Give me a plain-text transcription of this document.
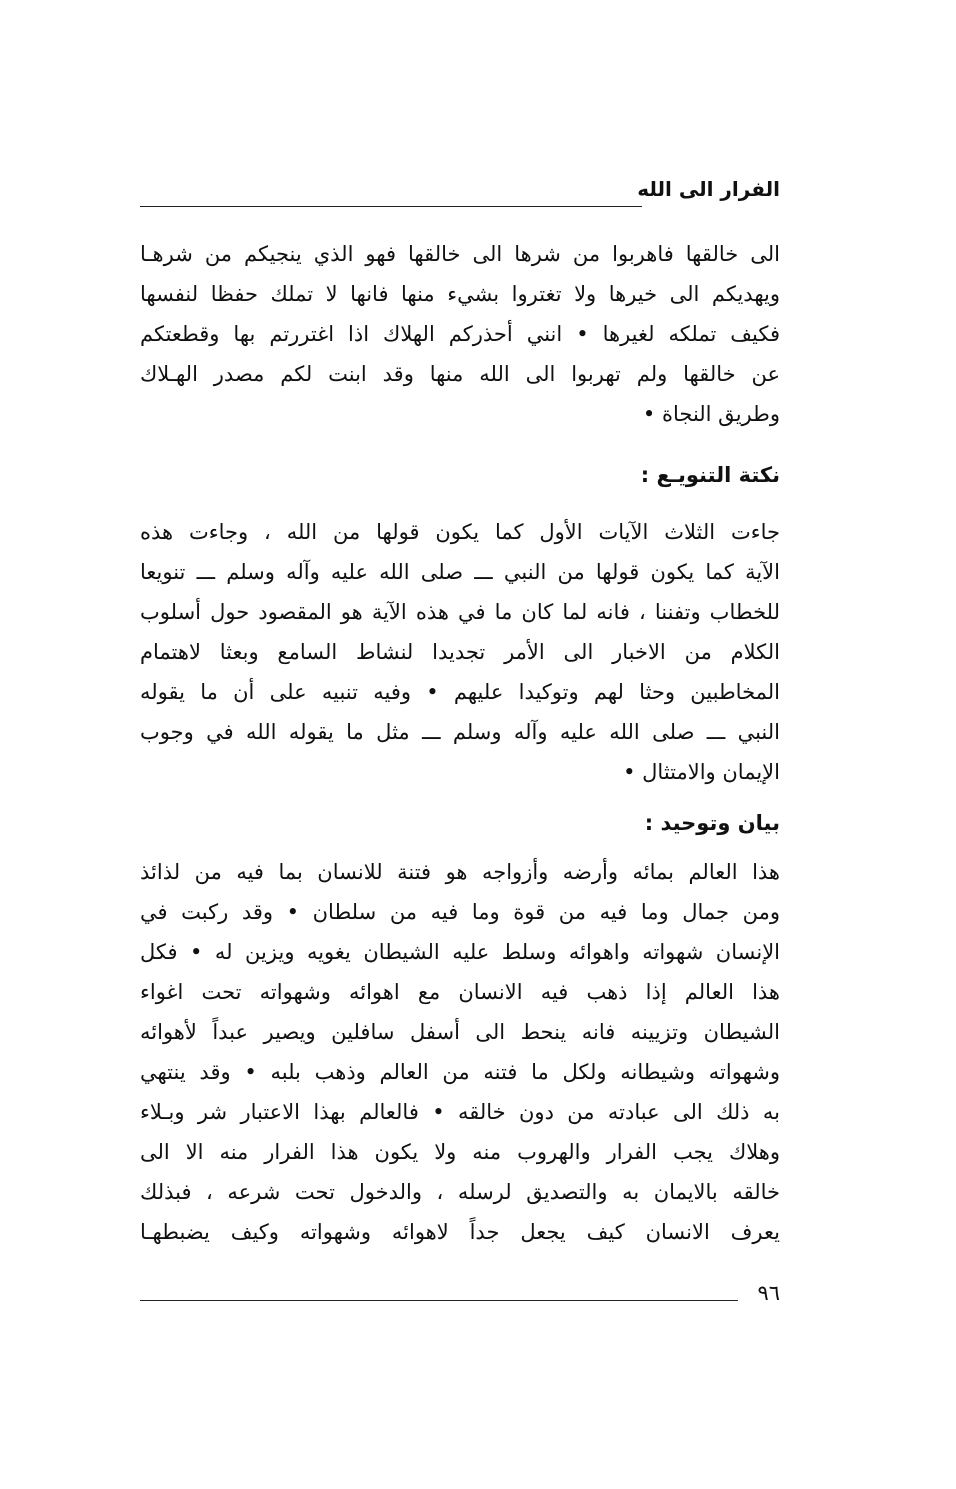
الفرار الى الله
الى خالقها فاهربوا من شرها الى خالقها فهو الذي ينجيكم من شرهـا
ويهديكم الى خيرها ولا تغتروا بشيء منها فانها لا تملك حفظا لنفسها
فكيف تملكه لغيرها • انني أحذركم الهلاك اذا اغتررتم بها وقطعتكم
عن خالقها ولم تهربوا الى الله منها وقد ابنت لكم مصدر الهـلاك
وطريق النجاة •
نكتة التنويـع :
جاءت الثلاث الآيات الأول كما يكون قولها من الله ، وجاءت هذه
الآية كما يكون قولها من النبي ـــ صلى الله عليه وآله وسلم ـــ تنويعا
للخطاب وتفننا ، فانه لما كان ما في هذه الآية هو المقصود حول أسلوب
الكلام من الاخبار الى الأمر تجديدا لنشاط السامع وبعثا لاهتمام
المخاطبين وحثا لهم وتوكيدا عليهم • وفيه تنبيه على أن ما يقوله
النبي ـــ صلى الله عليه وآله وسلم ـــ مثل ما يقوله الله في وجوب
الإيمان والامتثال •
بيان وتوحيد :
هذا العالم بمائه وأرضه وأزواجه هو فتنة للانسان بما فيه من لذائذ
ومن جمال وما فيه من قوة وما فيه من سلطان • وقد ركبت في
الإنسان شهواته واهوائه وسلط عليه الشيطان يغويه ويزين له • فكل
هذا العالم إذا ذهب فيه الانسان مع اهوائه وشهواته تحت اغواء
الشيطان وتزيينه فانه ينحط الى أسفل سافلين ويصير عبداً لأهوائه
وشهواته وشيطانه ولكل ما فتنه من العالم وذهب بلبه • وقد ينتهي
به ذلك الى عبادته من دون خالقه • فالعالم بهذا الاعتبار شر وبـلاء
وهلاك يجب الفرار والهروب منه ولا يكون هذا الفرار منه الا الى
خالقه بالايمان به والتصديق لرسله ، والدخول تحت شرعه ، فبذلك
يعرف الانسان كيف يجعل جداً لاهوائه وشهواته وكيف يضبطهـا
٩٦
